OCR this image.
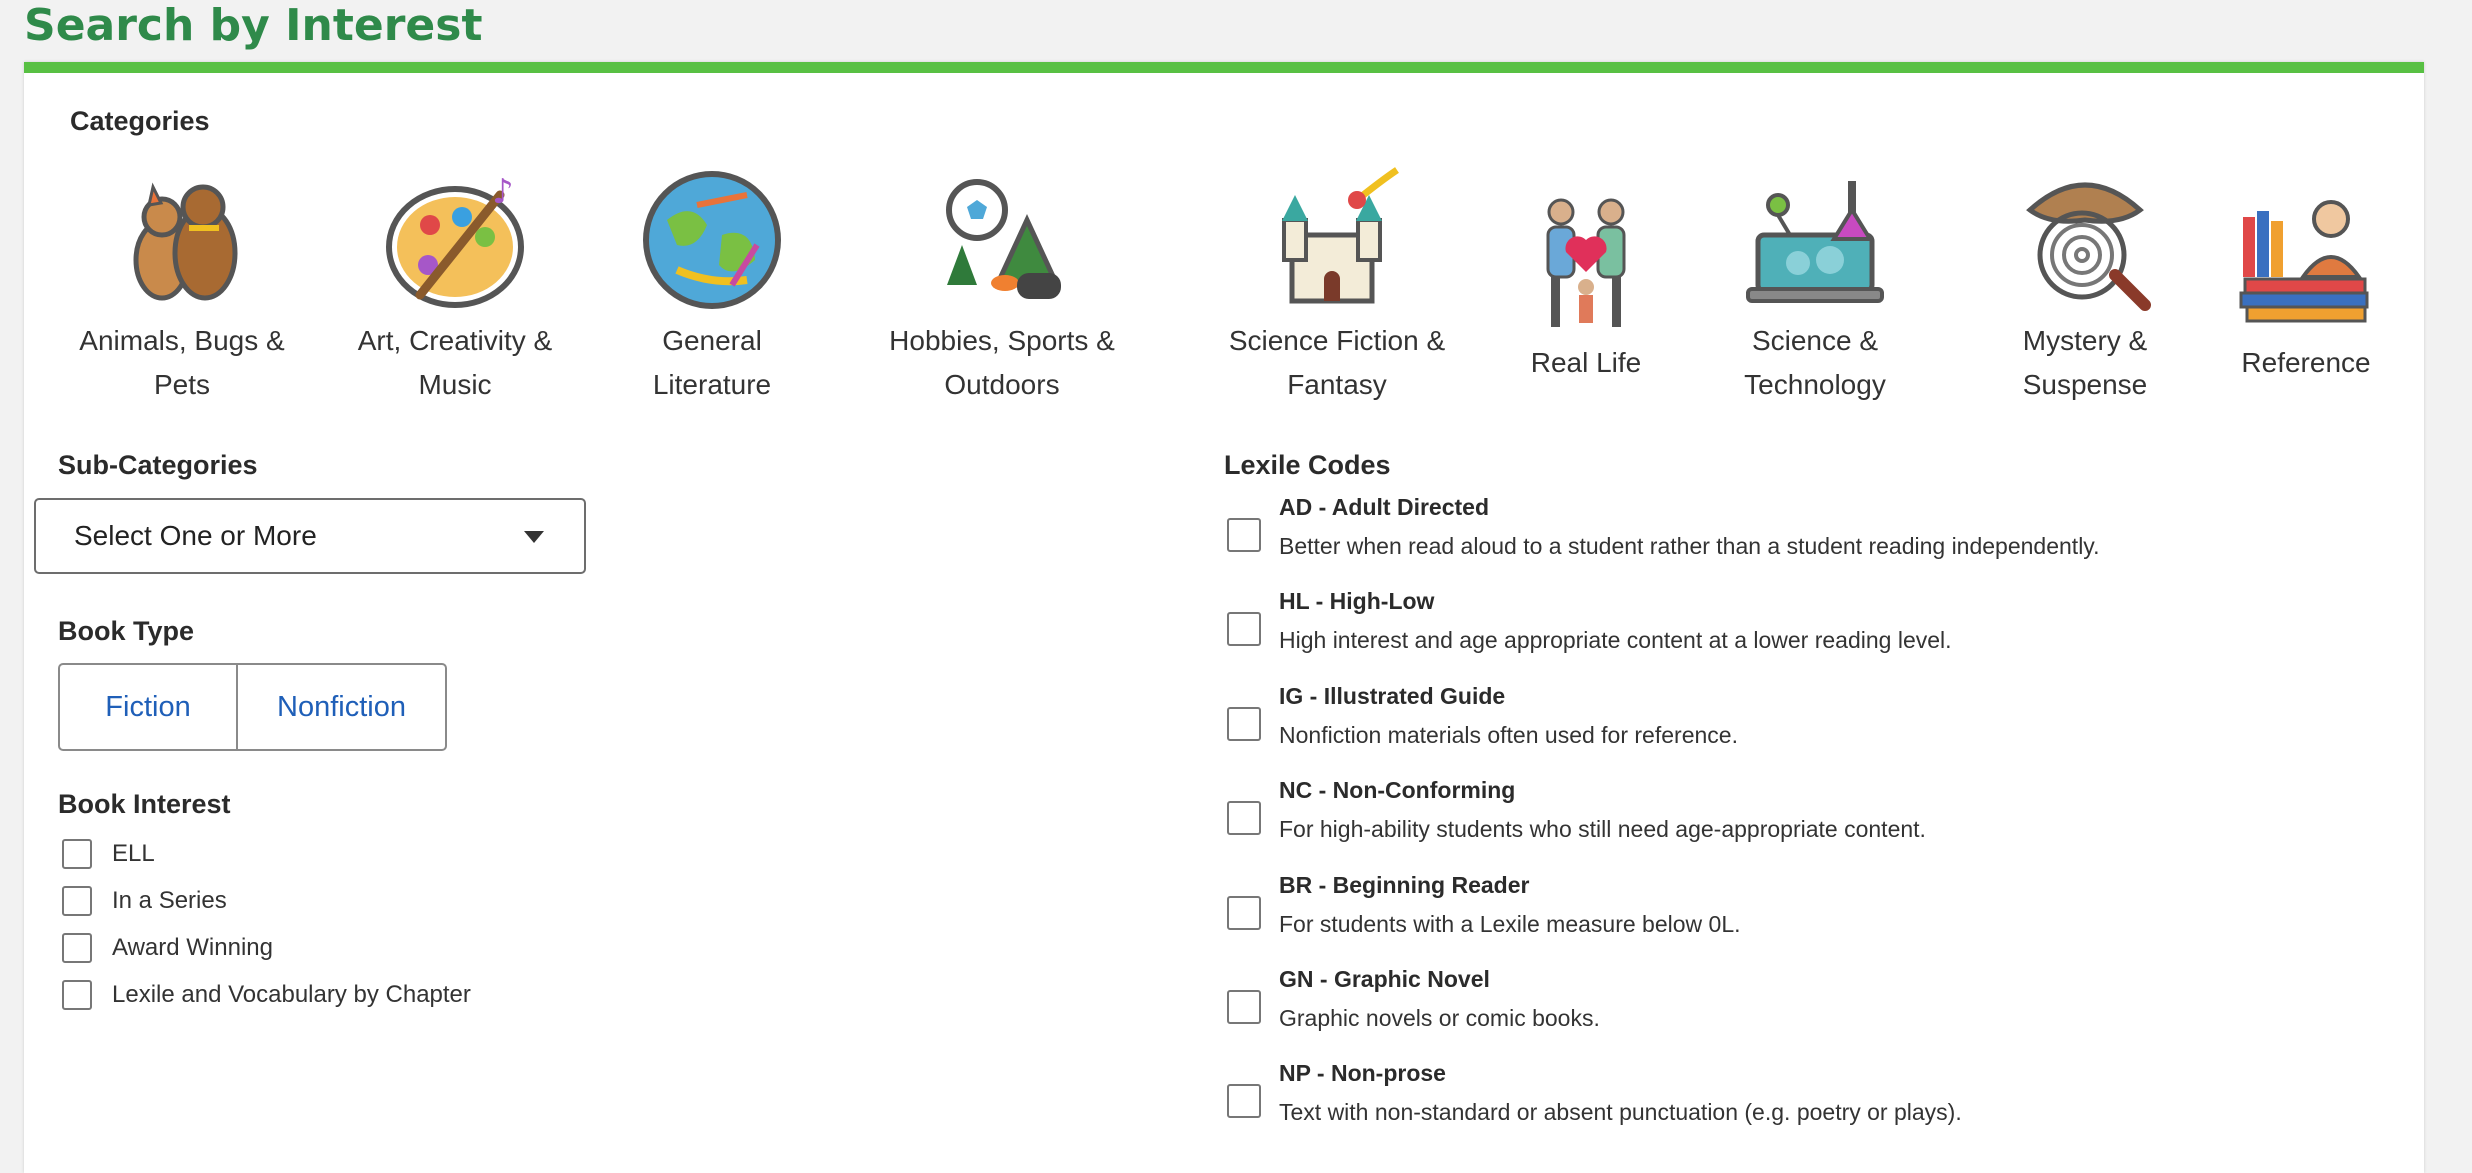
Search by Interest
Categories
Animals, Bugs &
Pets
♪
Art, Creativity &
Music
General
Literature
Hobbies, Sports &
Outdoors
Science Fiction &
Fantasy
Real Life
Science &
Technology
Mystery &
Suspense
Reference
Sub-Categories
Select One or More
Book Type
Fiction	Nonfiction
Book Interest
ELL
In a Series
Award Winning
Lexile and Vocabulary by Chapter
Lexile Codes
AD - Adult Directed
Better when read aloud to a student rather than a student reading independently.
HL - High-Low
High interest and age appropriate content at a lower reading level.
IG - Illustrated Guide
Nonfiction materials often used for reference.
NC - Non-Conforming
For high-ability students who still need age-appropriate content.
BR - Beginning Reader
For students with a Lexile measure below 0L.
GN - Graphic Novel
Graphic novels or comic books.
NP - Non-prose
Text with non-standard or absent punctuation (e.g. poetry or plays).
